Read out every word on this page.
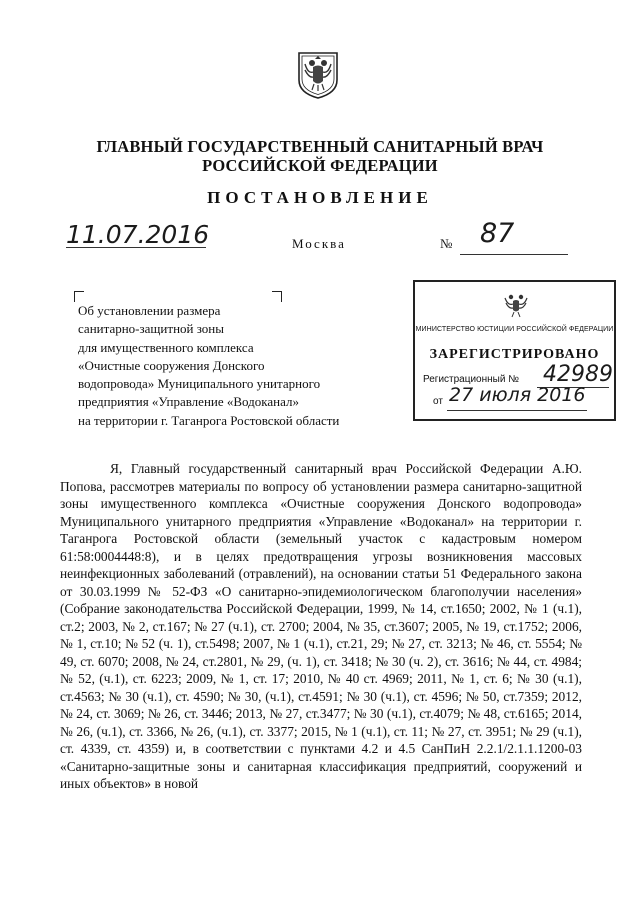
ГЛАВНЫЙ ГОСУДАРСТВЕННЫЙ САНИТАРНЫЙ ВРАЧ
РОССИЙСКОЙ ФЕДЕРАЦИИ
ПОСТАНОВЛЕНИЕ
11.07.2016	Москва	№ 87
Об установлении размера
санитарно-защитной зоны
для имущественного комплекса
«Очистные сооружения Донского
водопровода» Муниципального унитарного
предприятия «Управление «Водоканал»
на территории г. Таганрога Ростовской области
МИНИСТЕРСТВО ЮСТИЦИИ РОССИЙСКОЙ ФЕДЕРАЦИИ
ЗАРЕГИСТРИРОВАНО
Регистрационный № 42989
от 27 июля 2016

Я, Главный государственный санитарный врач Российской Федерации А.Ю. Попова, рассмотрев материалы по вопросу об установлении размера санитарно-защитной зоны имущественного комплекса «Очистные сооружения Донского водопровода» Муниципального унитарного предприятия «Управление «Водоканал» на территории г. Таганрога Ростовской области (земельный участок с кадастровым номером 61:58:0004448:8), и в целях предотвращения угрозы возникновения массовых неинфекционных заболеваний (отравлений), на основании статьи 51 Федерального закона от 30.03.1999 № 52-ФЗ «О санитарно-эпидемиологическом благополучии населения» (Собрание законодательства Российской Федерации, 1999, № 14, ст.1650; 2002, № 1 (ч.1), ст.2; 2003, № 2, ст.167; № 27 (ч.1), ст. 2700; 2004, № 35, ст.3607; 2005, № 19, ст.1752; 2006, № 1, ст.10; № 52 (ч. 1), ст.5498; 2007, № 1 (ч.1), ст.21, 29; № 27, ст. 3213; № 46, ст. 5554; № 49, ст. 6070; 2008, № 24, ст.2801, № 29, (ч. 1), ст. 3418; № 30 (ч. 2), ст. 3616; № 44, ст. 4984; № 52, (ч.1), ст. 6223; 2009, № 1, ст. 17; 2010, № 40 ст. 4969; 2011, № 1, ст. 6; № 30 (ч.1), ст.4563; № 30 (ч.1), ст. 4590; № 30, (ч.1), ст.4591; № 30 (ч.1), ст. 4596; № 50, ст.7359; 2012, № 24, ст. 3069; № 26, ст. 3446; 2013, № 27, ст.3477; № 30 (ч.1), ст.4079; № 48, ст.6165; 2014, № 26, (ч.1), ст. 3366, № 26, (ч.1), ст. 3377; 2015, № 1 (ч.1), ст. 11; № 27, ст. 3951; № 29 (ч.1), ст. 4339, ст. 4359) и, в соответствии с пунктами 4.2 и 4.5 СанПиН 2.2.1/2.1.1.1200-03 «Санитарно-защитные зоны и санитарная классификация предприятий, сооружений и иных объектов» в новой
